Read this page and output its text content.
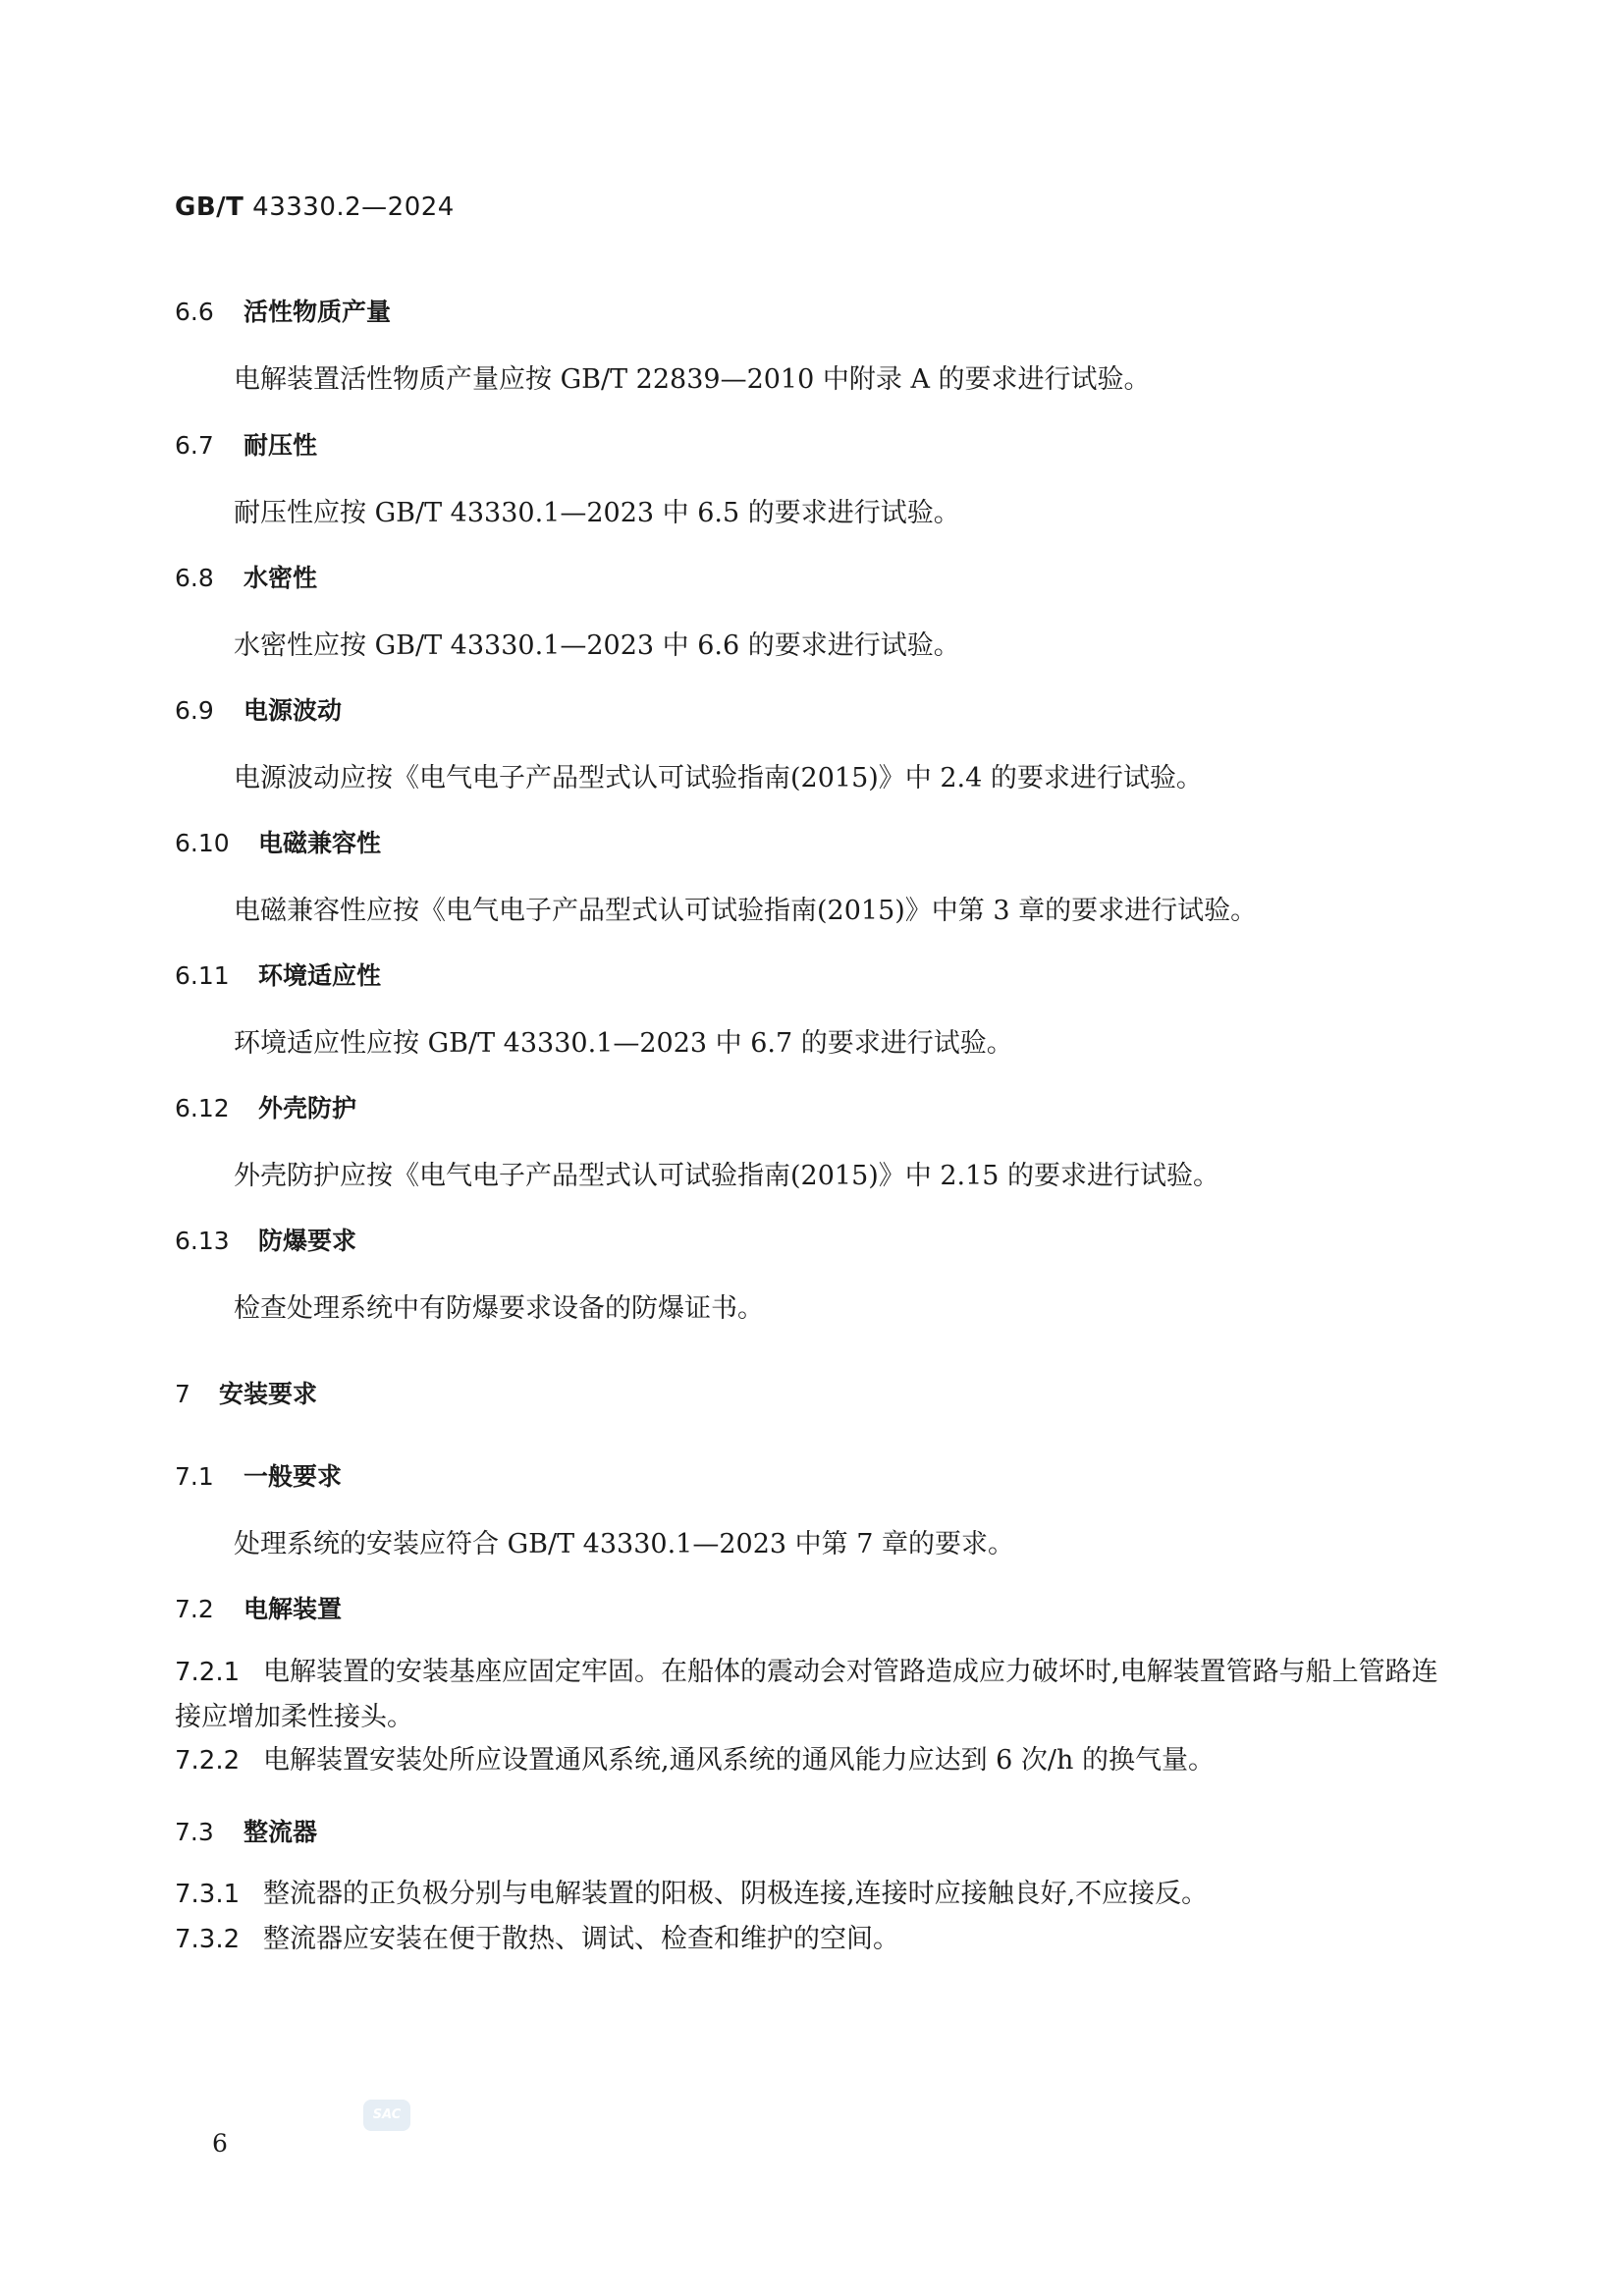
GB/T 43330.2—2024
6.6 活性物质产量
电解装置活性物质产量应按 GB/T 22839—2010 中附录 A 的要求进行试验。
6.7 耐压性
耐压性应按 GB/T 43330.1—2023 中 6.5 的要求进行试验。
6.8 水密性
水密性应按 GB/T 43330.1—2023 中 6.6 的要求进行试验。
6.9 电源波动
电源波动应按《电气电子产品型式认可试验指南(2015)》中 2.4 的要求进行试验。
6.10 电磁兼容性
电磁兼容性应按《电气电子产品型式认可试验指南(2015)》中第 3 章的要求进行试验。
6.11 环境适应性
环境适应性应按 GB/T 43330.1—2023 中 6.7 的要求进行试验。
6.12 外壳防护
外壳防护应按《电气电子产品型式认可试验指南(2015)》中 2.15 的要求进行试验。
6.13 防爆要求
检查处理系统中有防爆要求设备的防爆证书。
7 安装要求
7.1 一般要求
处理系统的安装应符合 GB/T 43330.1—2023 中第 7 章的要求。
7.2 电解装置
7.2.1 电解装置的安装基座应固定牢固。在船体的震动会对管路造成应力破坏时,电解装置管路与船上管路连接应增加柔性接头。
7.2.2 电解装置安装处所应设置通风系统,通风系统的通风能力应达到 6 次/h 的换气量。
7.3 整流器
7.3.1 整流器的正负极分别与电解装置的阳极、阴极连接,连接时应接触良好,不应接反。
7.3.2 整流器应安装在便于散热、调试、检查和维护的空间。
SAC
6
